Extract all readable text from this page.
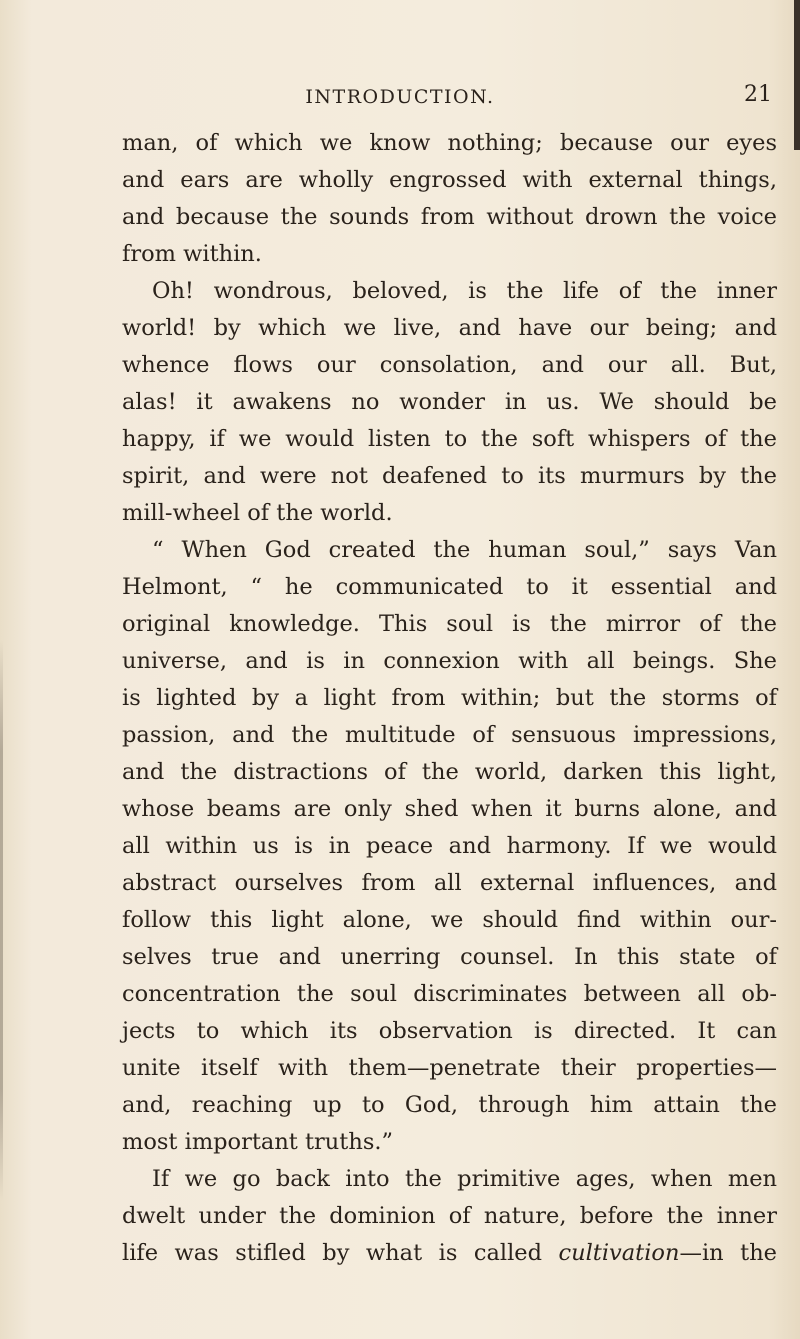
INTRODUCTION.	21
man, of which we know nothing; because our eyes
and ears are wholly engrossed with external things,
and because the sounds from without drown the voice
from within.
Oh! wondrous, beloved, is the life of the inner
world! by which we live, and have our being; and
whence flows our consolation, and our all. But,
alas! it awakens no wonder in us. We should be
happy, if we would listen to the soft whispers of the
spirit, and were not deafened to its murmurs by the
mill-wheel of the world.
“ When God created the human soul,” says Van
Helmont, “ he communicated to it essential and
original knowledge. This soul is the mirror of the
universe, and is in connexion with all beings. She
is lighted by a light from within; but the storms of
passion, and the multitude of sensuous impressions,
and the distractions of the world, darken this light,
whose beams are only shed when it burns alone, and
all within us is in peace and harmony. If we would
abstract ourselves from all external influences, and
follow this light alone, we should find within our-
selves true and unerring counsel. In this state of
concentration the soul discriminates between all ob-
jects to which its observation is directed. It can
unite itself with them—penetrate their properties—
and, reaching up to God, through him attain the
most important truths.”
If we go back into the primitive ages, when men
dwelt under the dominion of nature, before the inner
life was stifled by what is called cultivation—in the
